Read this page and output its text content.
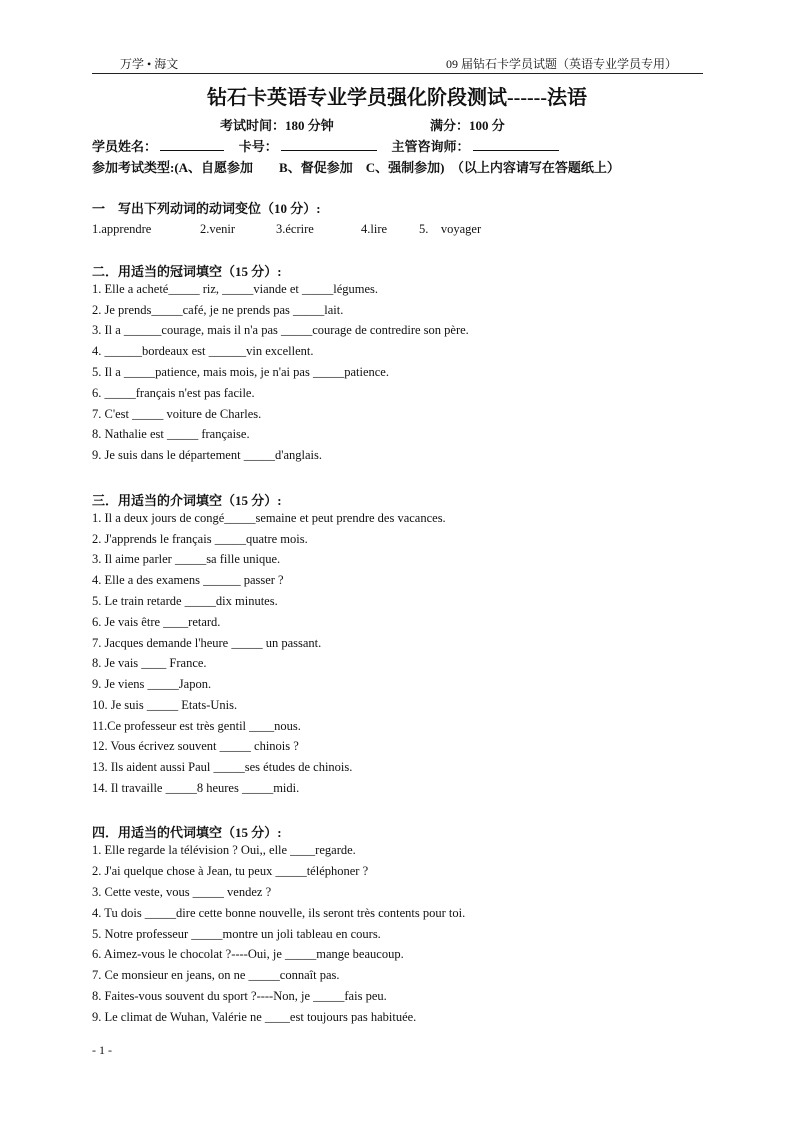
万学 • 海文	09 届钻石卡学员试题（英语专业学员专用）
钻石卡英语专业学员强化阶段测试------法语
考试时间：180 分钟	满分：100 分
学员姓名：	卡号：	主管咨询师：
参加考试类型:(A、自愿参加　　B、督促参加　C、强制参加)　（以上内容请写在答题纸上）
一　写出下列动词的动词变位（10 分）:
1.apprendre	2.venir	3.écrire	4.lire	5.　voyager
二．用适当的冠词填空（15 分）:
1. Elle a acheté_____ riz, _____viande et _____légumes.
2. Je prends_____café, je ne prends pas _____lait.
3. Il a ______courage, mais il n'a pas _____courage de contredire son père.
4. ______bordeaux est ______vin excellent.
5. Il a _____patience, mais mois, je n'ai pas _____patience.
6. _____français n'est pas facile.
7. C'est _____ voiture de Charles.
8. Nathalie est _____ française.
9. Je suis dans le département _____d'anglais.
三．用适当的介词填空（15 分）:
1. Il a deux jours de congé_____semaine et peut prendre des vacances.
2. J'apprends le français _____quatre mois.
3. Il aime parler _____sa fille unique.
4. Elle a des examens ______ passer ?
5. Le train retarde _____dix minutes.
6. Je vais être ____retard.
7. Jacques demande l'heure _____ un passant.
8. Je vais ____ France.
9. Je viens _____Japon.
10. Je suis _____ Etats-Unis.
11.Ce professeur est très gentil ____nous.
12. Vous écrivez souvent _____ chinois ?
13. Ils aident aussi Paul _____ses études de chinois.
14. Il travaille _____8 heures _____midi.
四．用适当的代词填空（15 分）:
1. Elle regarde la télévision ? Oui,, elle ____regarde.
2. J'ai quelque chose à Jean, tu peux _____téléphoner ?
3. Cette veste, vous _____ vendez ?
4. Tu dois _____dire cette bonne nouvelle, ils seront très contents pour toi.
5. Notre professeur _____montre un joli tableau en cours.
6. Aimez-vous le chocolat ?----Oui, je _____mange beaucoup.
7. Ce monsieur en jeans, on ne _____connaît pas.
8. Faites-vous souvent du sport ?----Non, je _____fais peu.
9. Le climat de Wuhan, Valérie ne ____est toujours pas habituée.
- 1 -
